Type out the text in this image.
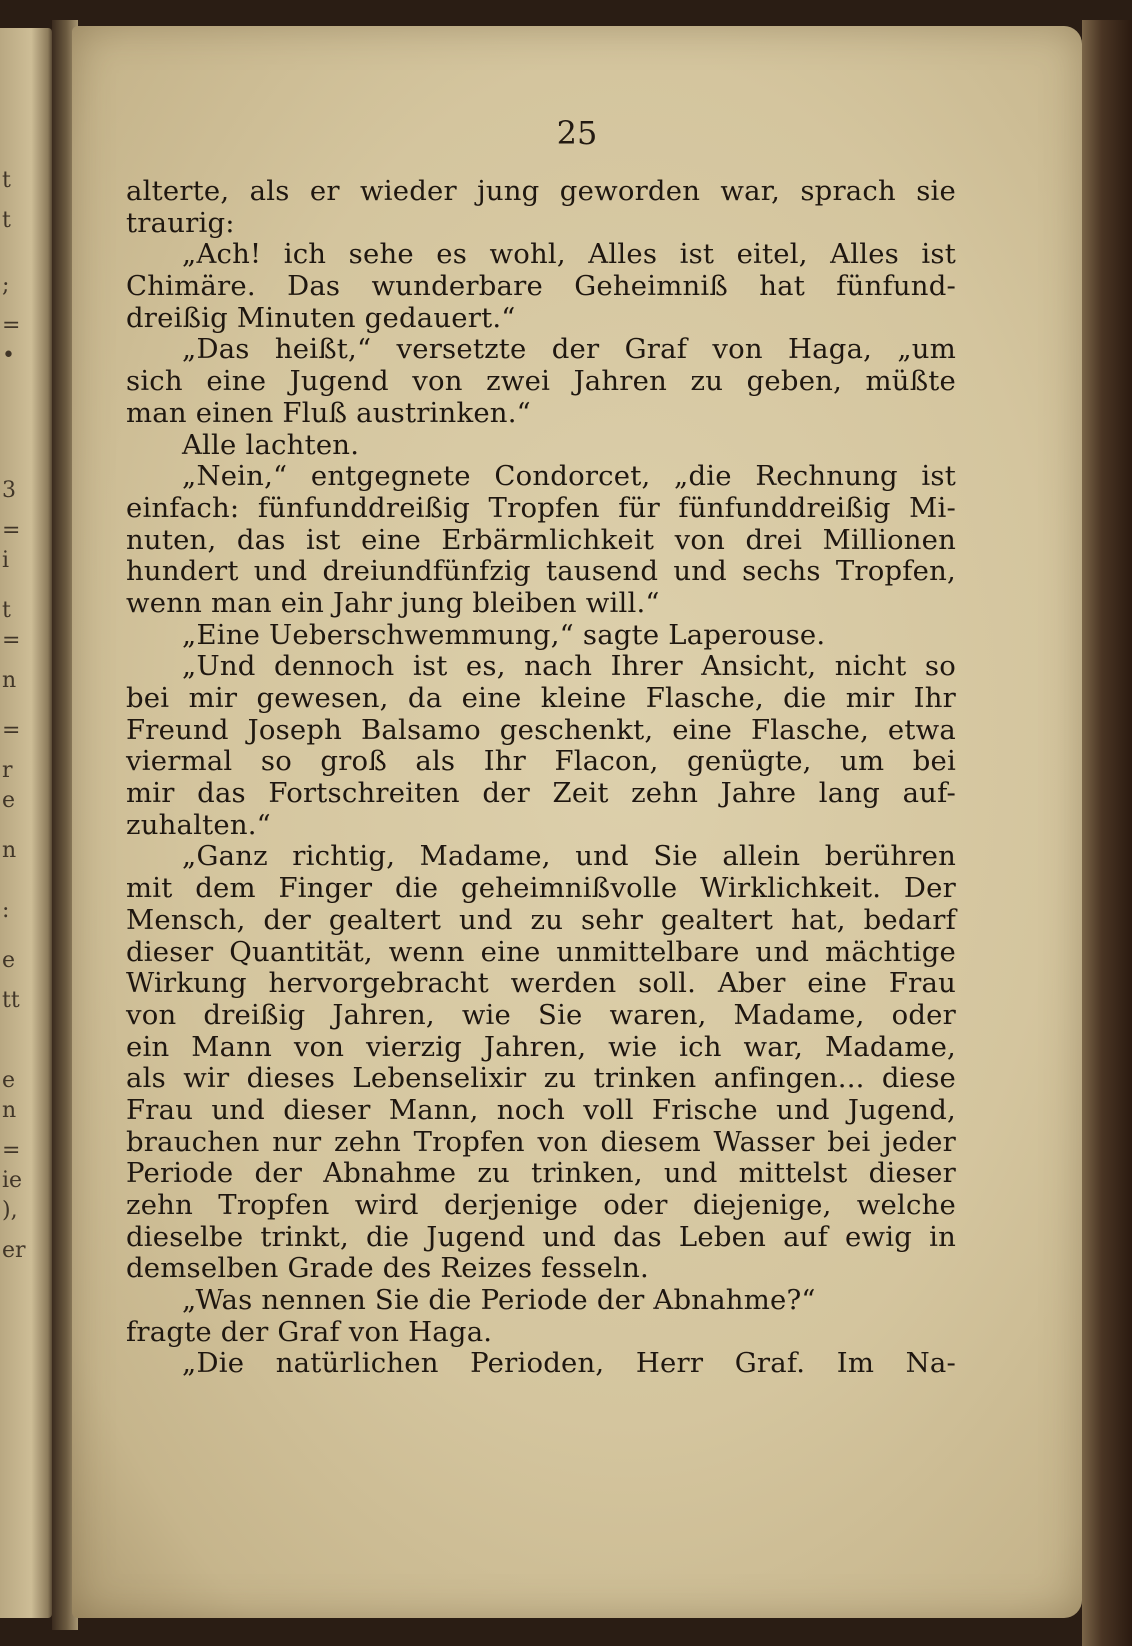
t
t
;
=
•
3
=
i
t
=
n
=
r
e
n
:
e
tt
e
n
=
ie
),
er
25
alterte, als er wieder jung geworden war, sprach sie
traurig:
„Ach! ich sehe es wohl, Alles ist eitel, Alles ist
Chimäre. Das wunderbare Geheimniß hat fünfund-
dreißig Minuten gedauert.“
„Das heißt,“ versetzte der Graf von Haga, „um
sich eine Jugend von zwei Jahren zu geben, müßte
man einen Fluß austrinken.“
Alle lachten.
„Nein,“ entgegnete Condorcet, „die Rechnung ist
einfach: fünfunddreißig Tropfen für fünfunddreißig Mi-
nuten, das ist eine Erbärmlichkeit von drei Millionen
hundert und dreiundfünfzig tausend und sechs Tropfen,
wenn man ein Jahr jung bleiben will.“
„Eine Ueberschwemmung,“ sagte Laperouse.
„Und dennoch ist es, nach Ihrer Ansicht, nicht so
bei mir gewesen, da eine kleine Flasche, die mir Ihr
Freund Joseph Balsamo geschenkt, eine Flasche, etwa
viermal so groß als Ihr Flacon, genügte, um bei
mir das Fortschreiten der Zeit zehn Jahre lang auf-
zuhalten.“
„Ganz richtig, Madame, und Sie allein berühren
mit dem Finger die geheimnißvolle Wirklichkeit. Der
Mensch, der gealtert und zu sehr gealtert hat, bedarf
dieser Quantität, wenn eine unmittelbare und mächtige
Wirkung hervorgebracht werden soll. Aber eine Frau
von dreißig Jahren, wie Sie waren, Madame, oder
ein Mann von vierzig Jahren, wie ich war, Madame,
als wir dieses Lebenselixir zu trinken anfingen... diese
Frau und dieser Mann, noch voll Frische und Jugend,
brauchen nur zehn Tropfen von diesem Wasser bei jeder
Periode der Abnahme zu trinken, und mittelst dieser
zehn Tropfen wird derjenige oder diejenige, welche
dieselbe trinkt, die Jugend und das Leben auf ewig in
demselben Grade des Reizes fesseln.
„Was nennen Sie die Periode der Abnahme?“
fragte der Graf von Haga.
„Die natürlichen Perioden, Herr Graf. Im Na-
